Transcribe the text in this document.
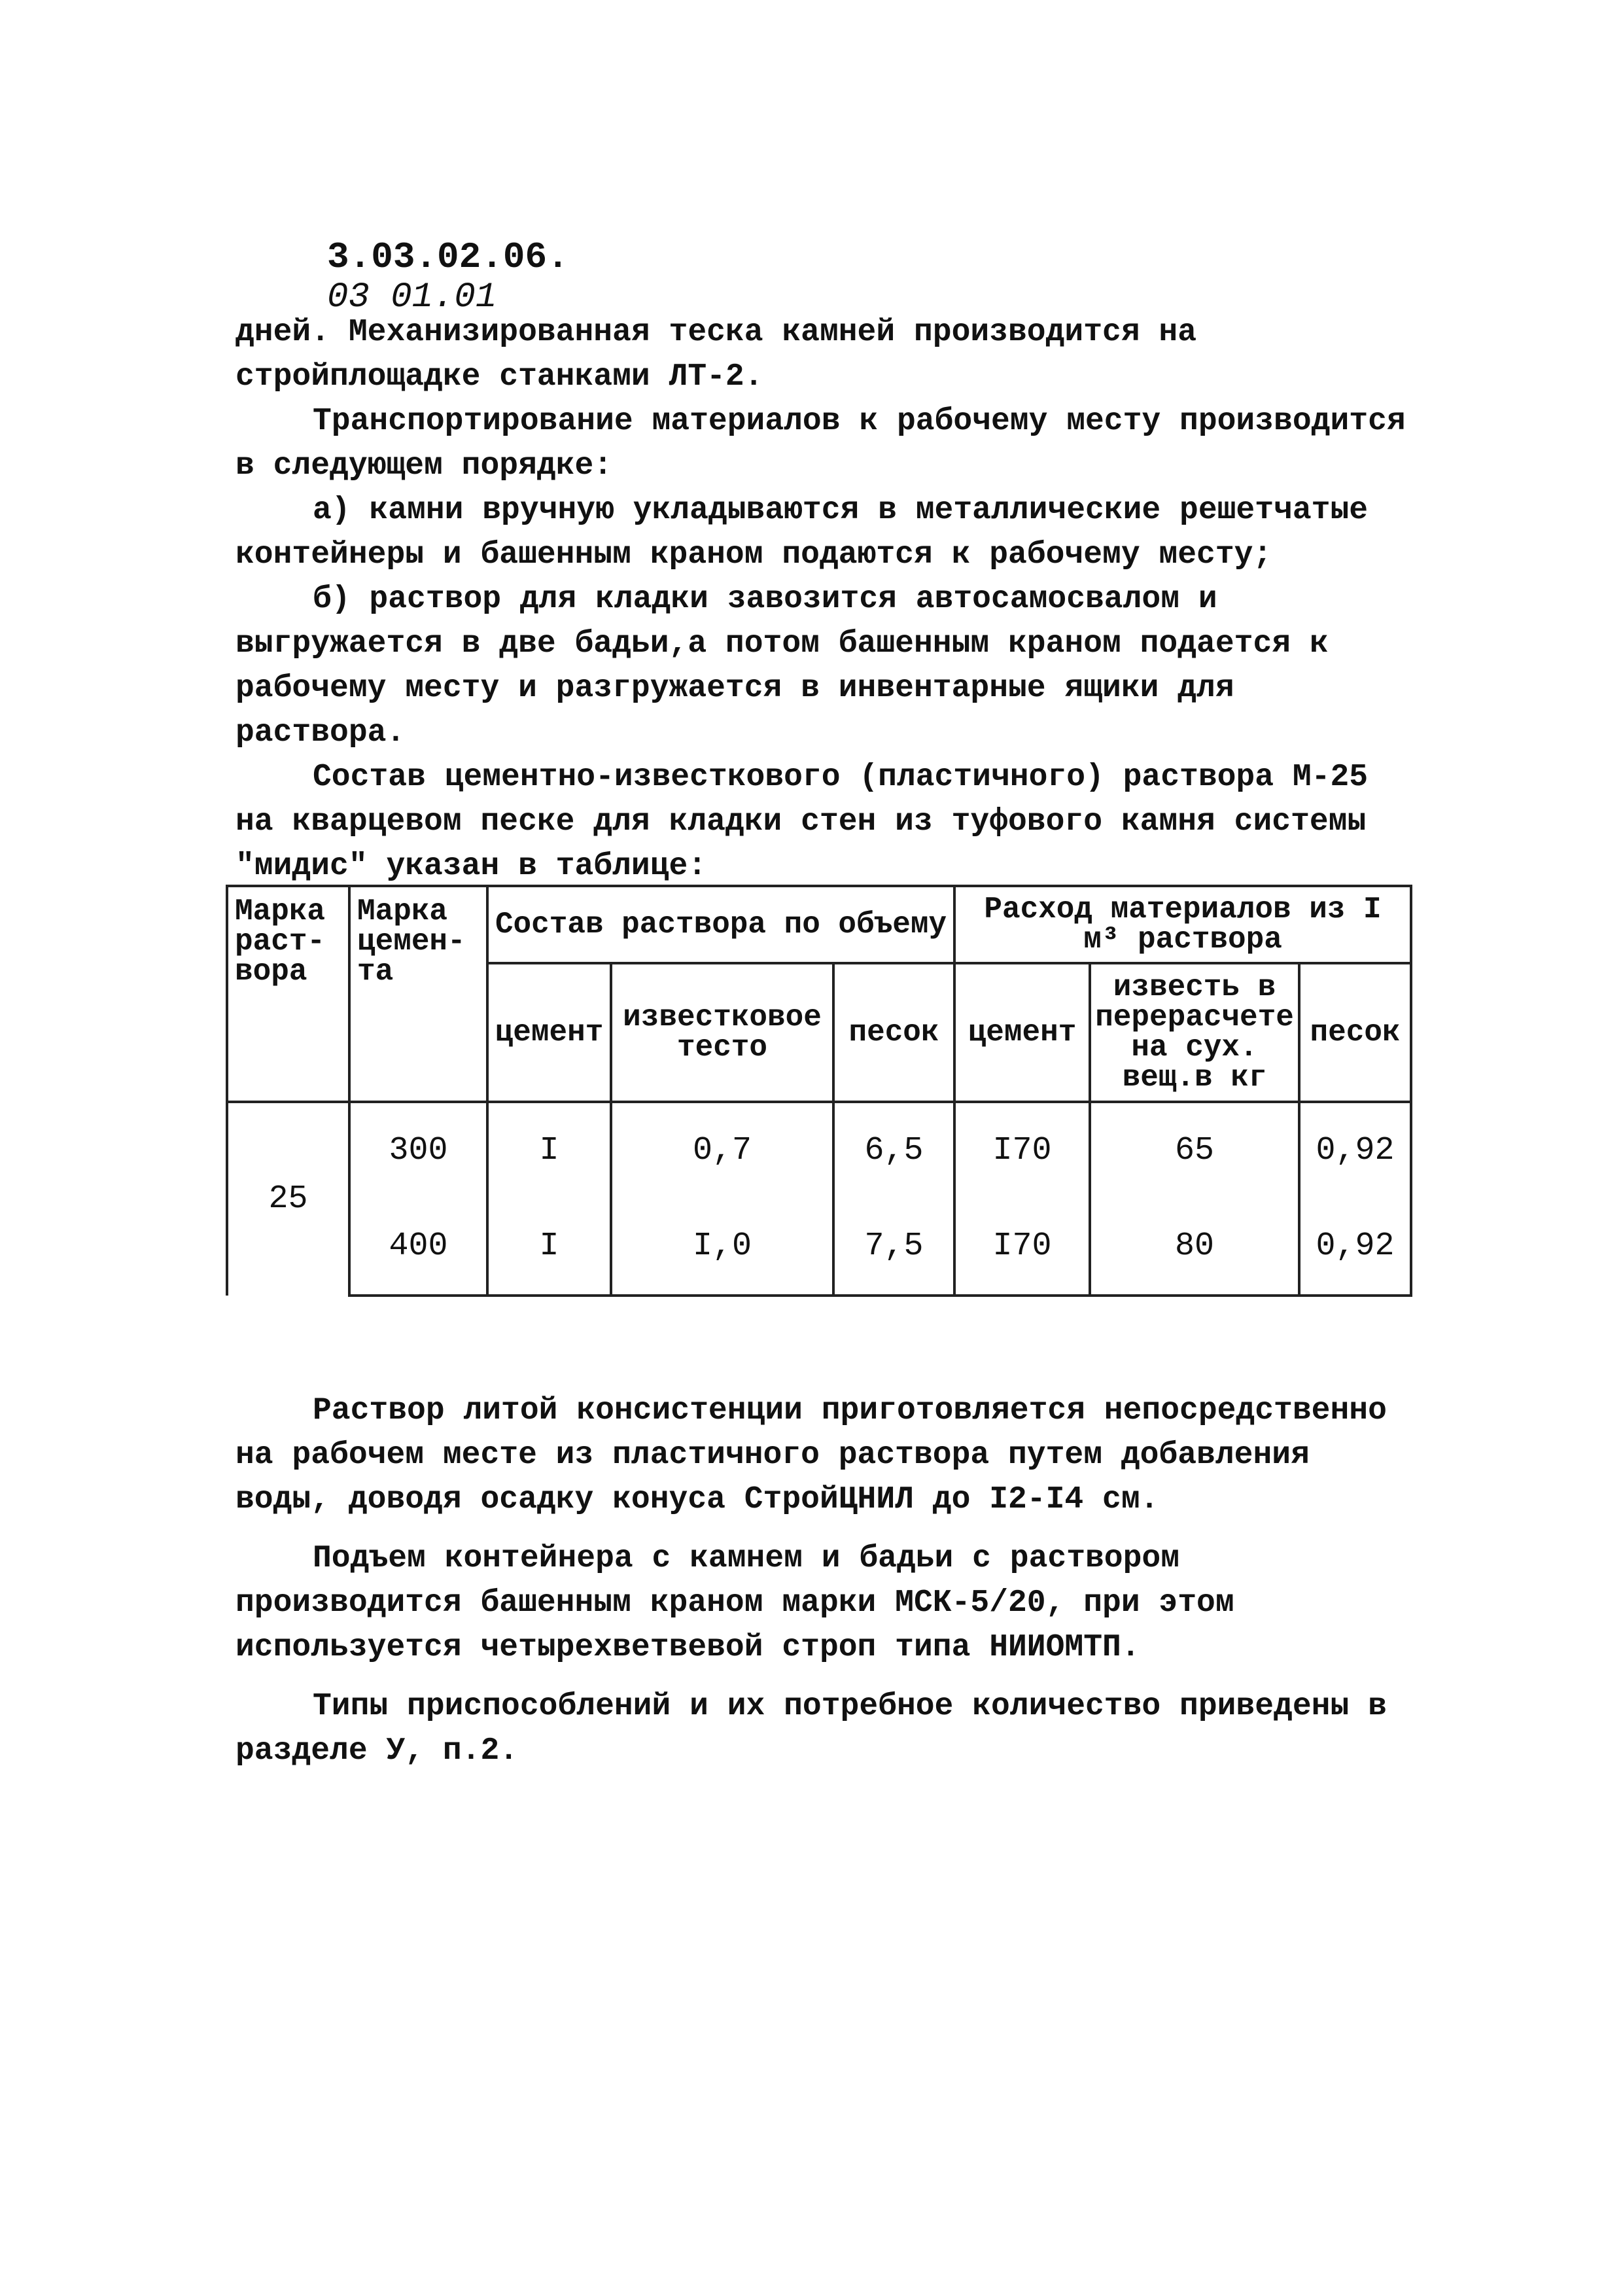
3.03.02.06.
03 01.01

дней. Механизированная теска камней производится на стройплощадке станками ЛТ-2.

Транспортирование материалов к рабочему месту производится в следующем порядке:

а) камни вручную укладываются в металлические решетчатые контейнеры и башенным краном подаются к рабочему месту;

б) раствор для кладки завозится автосамосвалом и выгружается в две бадьи,а потом башенным краном подается к рабочему месту и разгружается в инвентарные ящики для раствора.

Состав цементно-известкового (пластичного) раствора М-25 на кварцевом песке для кладки стен из туфового камня системы "мидис" указан в таблице:

Марка раст- вора	Марка цемен- та	Состав раствора по объему			Расход материалов из I м³ раствора		
		цемент	известковое тесто	песок	цемент	известь в перерасчете на сух. вещ.в кг	песок
25	300	I	0,7	6,5	I70	65	0,92
	400	I	I,0	7,5	I70	80	0,92

Раствор литой консистенции приготовляется непосредственно на рабочем месте из пластичного раствора путем добавления воды, доводя осадку конуса СтройЦНИЛ до I2-I4 см.

Подъем контейнера с камнем и бадьи с раствором производится башенным краном марки МСК-5/20, при этом используется четырехветвевой строп типа НИИОМТП.

Типы приспособлений и их потребное количество приведены в разделе У, п.2.
